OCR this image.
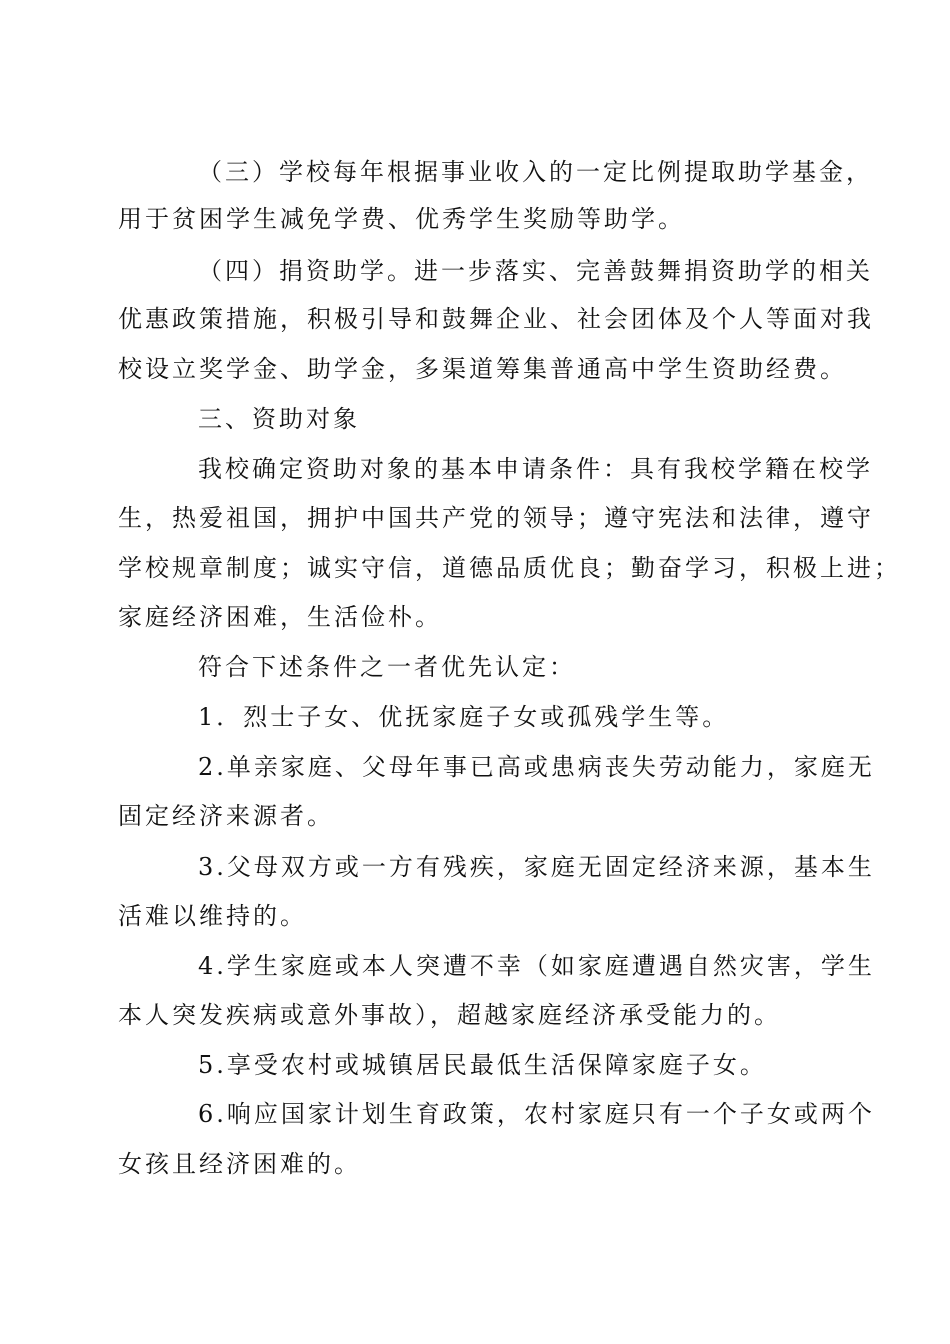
（三）学校每年根据事业收入的一定比例提取助学基金，
用于贫困学生减免学费、优秀学生奖励等助学。
（四）捐资助学。进一步落实、完善鼓舞捐资助学的相关
优惠政策措施，积极引导和鼓舞企业、社会团体及个人等面对我
校设立奖学金、助学金，多渠道筹集普通高中学生资助经费。
三、资助对象
我校确定资助对象的基本申请条件：具有我校学籍在校学
生，热爱祖国，拥护中国共产党的领导；遵守宪法和法律，遵守
学校规章制度；诚实守信，道德品质优良；勤奋学习，积极上进；
家庭经济困难，生活俭朴。
符合下述条件之一者优先认定：
1．烈士子女、优抚家庭子女或孤残学生等。
2.单亲家庭、父母年事已高或患病丧失劳动能力，家庭无
固定经济来源者。
3.父母双方或一方有残疾，家庭无固定经济来源，基本生
活难以维持的。
4.学生家庭或本人突遭不幸（如家庭遭遇自然灾害，学生
本人突发疾病或意外事故），超越家庭经济承受能力的。
5.享受农村或城镇居民最低生活保障家庭子女。
6.响应国家计划生育政策，农村家庭只有一个子女或两个
女孩且经济困难的。
